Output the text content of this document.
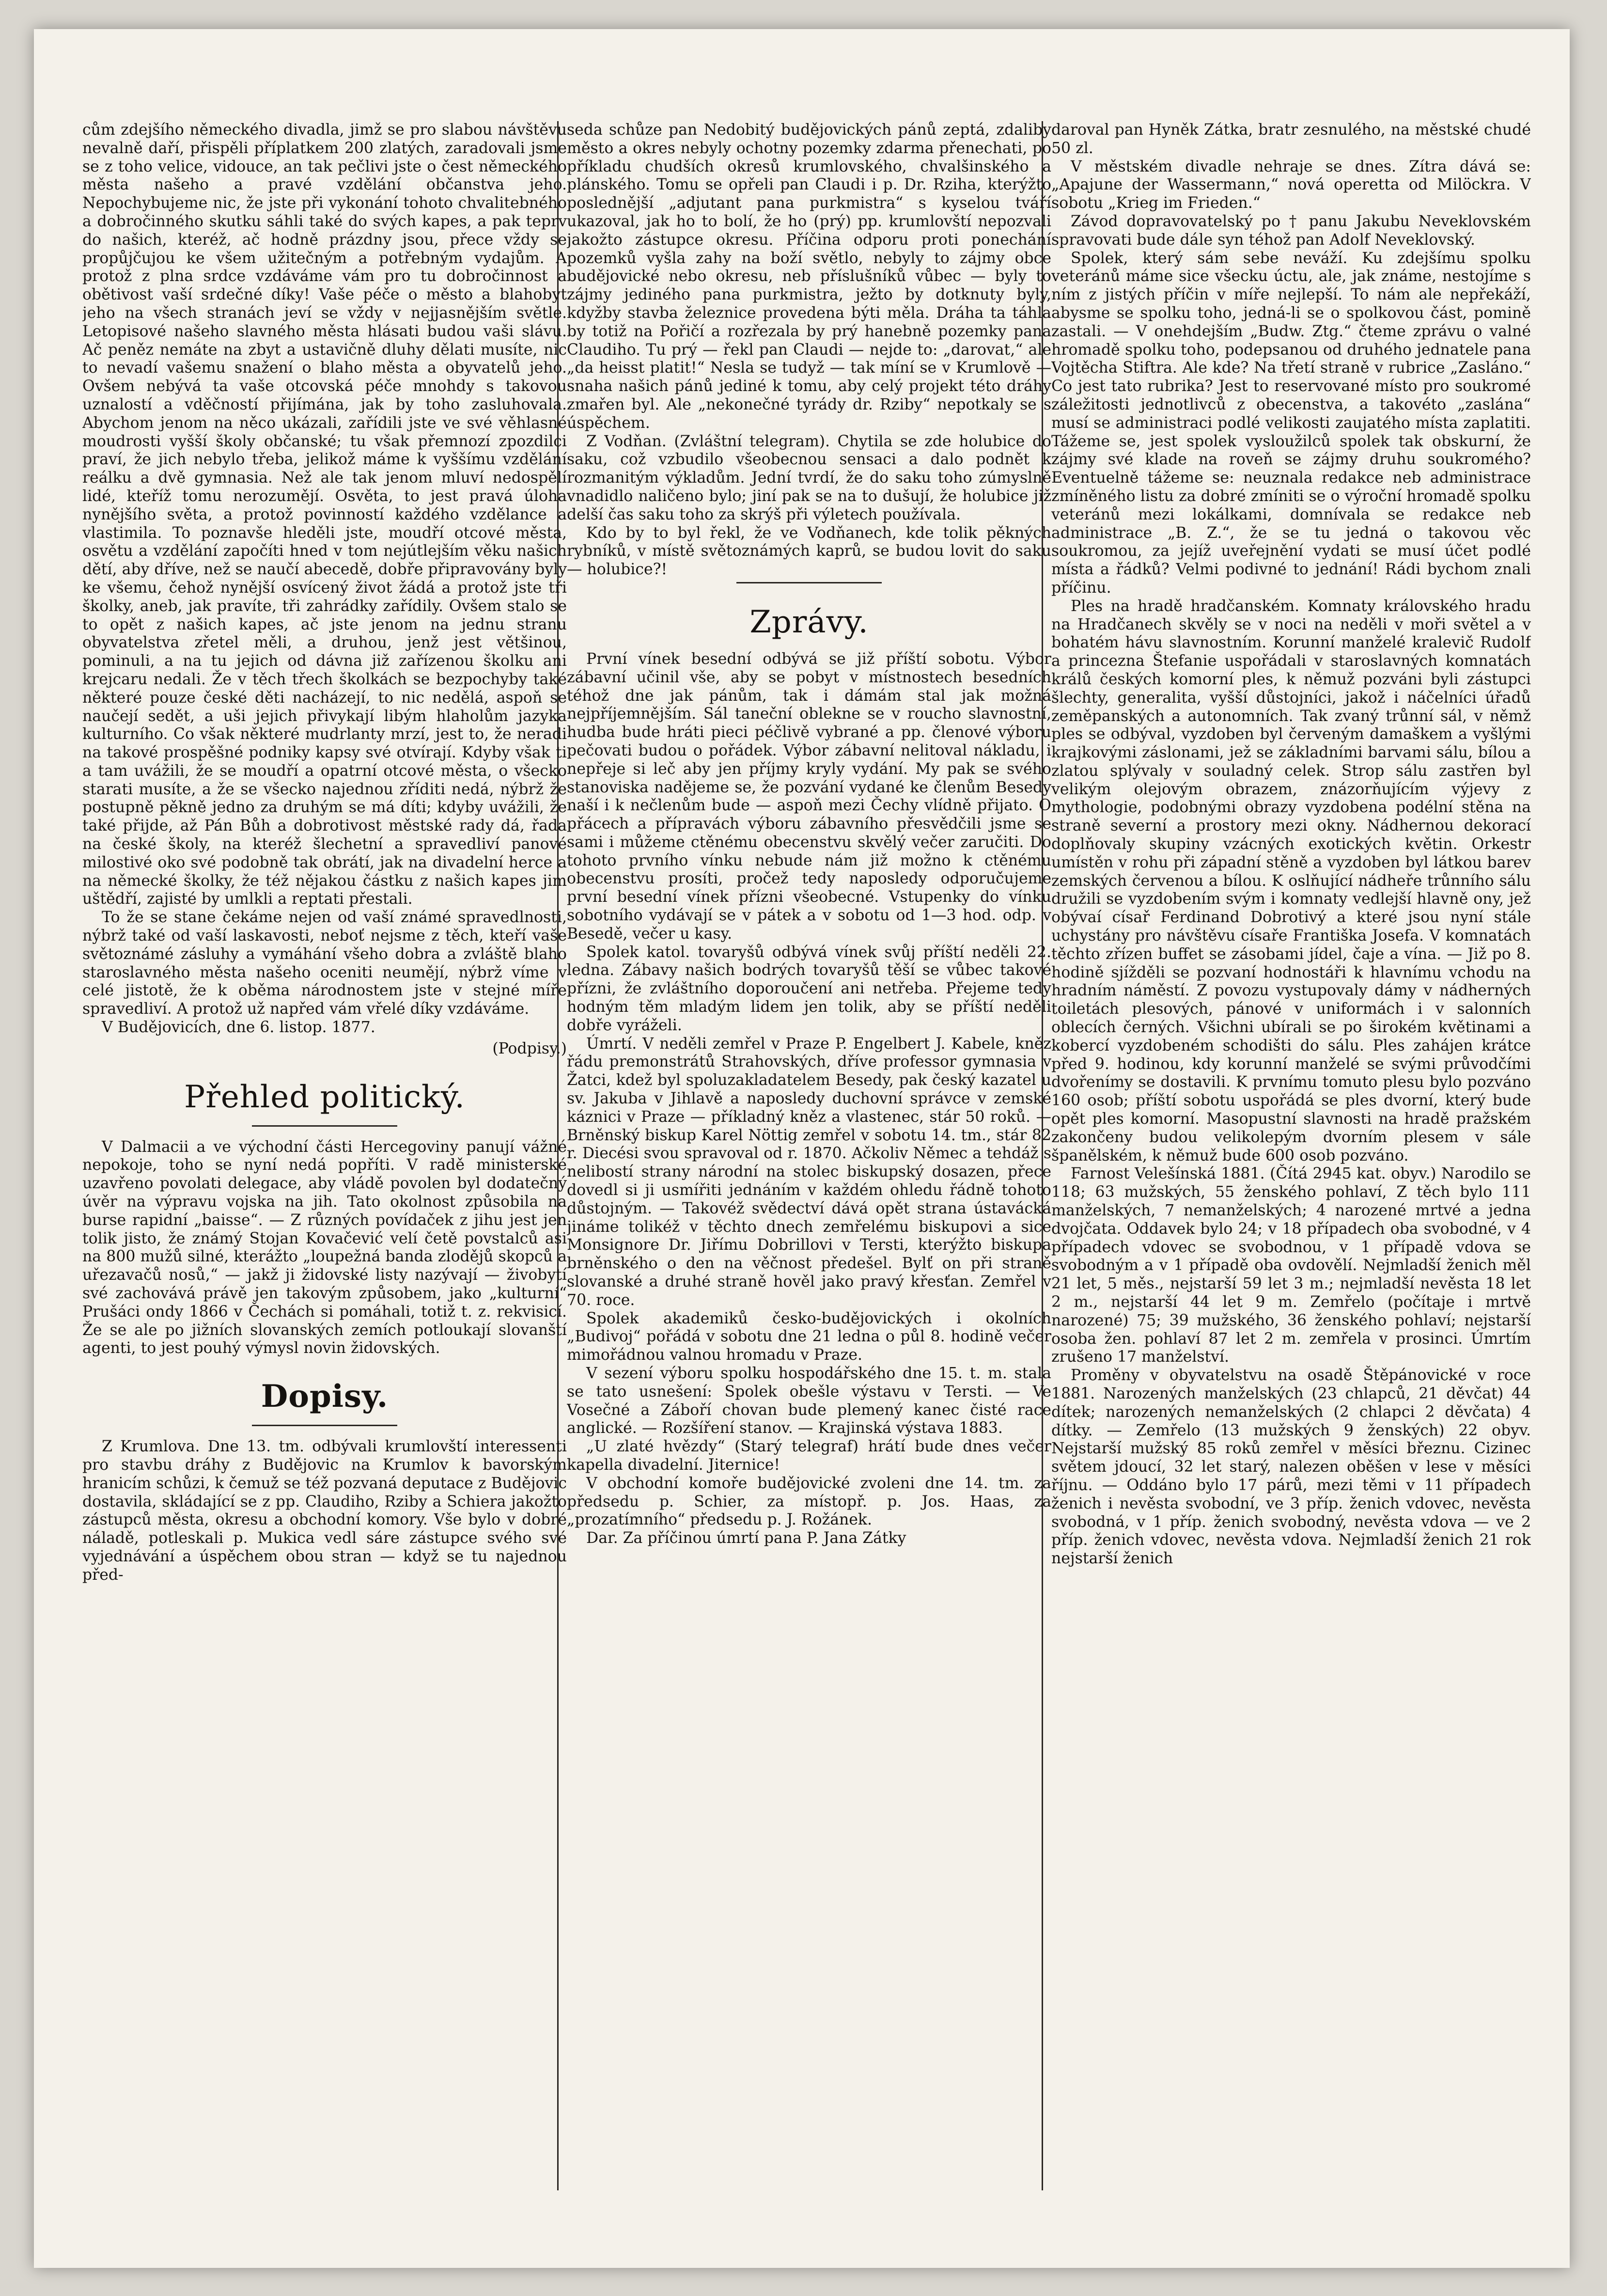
cům zdejšího německého divadla, jimž se pro slabou návštěvu nevalně daří, přispěli příplatkem 200 zlatých, zaradovali jsme se z toho velice, vidouce, an tak pečlivi jste o čest německého města našeho a pravé vzdělání občanstva jeho. Nepochybujeme nic, že jste při vykonání tohoto chvalitebného a dobročinného skutku sáhli také do svých kapes, a pak teprv do našich, kteréž, ač hodně prázdny jsou, přece vždy se propůjčujou ke všem užitečným a potřebným vydajům. A protož z plna srdce vzdáváme vám pro tu dobročinnost a obětivost vaší srdečné díky! Vaše péče o město a blahobyt jeho na všech stranách jeví se vždy v nejjasnějším světle. Letopisové našeho slavného města hlásati budou vaši slávu. Ač peněz nemáte na zbyt a ustavičně dluhy dělati musíte, nic to nevadí vašemu snažení o blaho města a obyvatelů jeho. Ovšem nebývá ta vaše otcovská péče mnohdy s takovou uznalostí a vděčností přijímána, jak by toho zasluhovala. Abychom jenom na něco ukázali, zařídili jste ve své věhlasné moudrosti vyšší školy občanské; tu však přemnozí zpozdilci praví, že jich nebylo třeba, jelikož máme k vyššímu vzdělání reálku a dvě gymnasia. Než ale tak jenom mluví nedospělí lidé, kteříž tomu nerozumějí. Osvěta, to jest pravá úloha nynějšího světa, a protož povinností každého vzdělance a vlastimila. To poznavše hleděli jste, moudří otcové města, osvětu a vzdělání započíti hned v tom nejútlejším věku našich dětí, aby dříve, než se naučí abecedě, dobře připravovány byly ke všemu, čehož nynější osvícený život žádá a protož jste tři školky, aneb, jak pravíte, tři zahrádky zařídily. Ovšem stalo se to opět z našich kapes, ač jste jenom na jednu stranu obyvatelstva zřetel měli, a druhou, jenž jest většinou, pominuli, a na tu jejich od dávna již zařízenou školku ani krejcaru nedali. Že v těch třech školkách se bezpochyby také některé pouze české děti nacházejí, to nic nedělá, aspoň se naučejí sedět, a uši jejich přivykají libým hlaholům jazyka kulturního. Co však některé mudrlanty mrzí, jest to, že neradi na takové prospěšné podniky kapsy své otvírají. Kdyby však ti a tam uvážili, že se moudří a opatrní otcové města, o všecko starati musíte, a že se všecko najednou zříditi nedá, nýbrž že postupně pěkně jedno za druhým se má díti; kdyby uvážili, že také přijde, až Pán Bůh a dobrotivost městské rady dá, řada na české školy, na kteréž šlechetní a spravedliví panové milostivé oko své podobně tak obrátí, jak na divadelní herce a na německé školky, že též nějakou částku z našich kapes jim uštědří, zajisté by umlkli a reptati přestali.

To že se stane čekáme nejen od vaší známé spravedlnosti, nýbrž také od vaší laskavosti, neboť nejsme z těch, kteří vaše světoznámé zásluhy a vymáhání všeho dobra a zvláště blaho staroslavného města našeho oceniti neumějí, nýbrž víme v celé jistotě, že k oběma národnostem jste v stejné míře spravedliví. A protož už napřed vám vřelé díky vzdáváme.

V Budějovicích, dne 6. listop. 1877.

(Podpisy.)
Přehled politický.

V Dalmacii a ve východní části Hercegoviny panují vážné nepokoje, toho se nyní nedá popříti. V radě ministerské uzavřeno povolati delegace, aby vládě povolen byl dodatečný úvěr na výpravu vojska na jih. Tato okolnost způsobila na burse rapidní „baisse“. — Z různých povídaček z jihu jest jen tolik jisto, že známý Stojan Kovačević velí četě povstalců asi na 800 mužů silné, kterážto „loupežná banda zlodějů skopců a uřezavačů nosů,“ — jakž ji židovské listy nazývají — živobytí své zachovává právě jen takovým způsobem, jako „kulturní“ Prušáci ondy 1866 v Čechách si pomáhali, totiž t. z. rekvisicí. Že se ale po jižních slovanských zemích potloukají slovanští agenti, to jest pouhý výmysl novin židovských.

Dopisy.

Z Krumlova. Dne 13. tm. odbývali krumlovští interessenti pro stavbu dráhy z Budějovic na Krumlov k bavorským hranicím schůzi, k čemuž se též pozvaná deputace z Budějovic dostavila, skládající se z pp. Claudiho, Rziby a Schiera jakožto zástupců města, okresu a obchodní komory. Vše bylo v dobré náladě, potleskali p. Mukica vedl sáre zástupce svého své vyjednávání a úspěchem obou stran — když se tu najednou před-

seda schůze pan Nedobitý budějovických pánů zeptá, zdaliby město a okres nebyly ochotny pozemky zdarma přenechati, po příkladu chudších okresů krumlovského, chvalšinského a plánského. Tomu se opřeli pan Claudi i p. Dr. Rziha, kterýžto poslednější „adjutant pana purkmistra“ s kyselou tváří ukazoval, jak ho to bolí, že ho (prý) pp. krumlovští nepozvali jakožto zástupce okresu. Příčina odporu proti ponechání pozemků vyšla zahy na boží světlo, nebyly to zájmy obce budějovické nebo okresu, neb příslušníků vůbec — byly to zájmy jediného pana purkmistra, ježto by dotknuty byly, kdyžby stavba železnice provedena býti měla. Dráha ta táhla by totiž na Pořičí a rozřezala by prý hanebně pozemky pana Claudiho. Tu prý — řekl pan Claudi — nejde to: „darovat,“ ale „da heisst platit!“ Nesla se tudyž — tak míní se v Krumlově — snaha našich pánů jediné k tomu, aby celý projekt této dráhy zmařen byl. Ale „nekonečné tyrády dr. Rziby“ nepotkaly se s úspěchem.

Z Vodňan. (Zvláštní telegram). Chytila se zde holubice do saku, což vzbudilo všeobecnou sensaci a dalo podnět k rozmanitým výkladům. Jední tvrdí, že do saku toho zúmyslně vnadidlo naličeno bylo; jiní pak se na to dušují, že holubice již delší čas saku toho za skrýš při výletech používala.

Kdo by to byl řekl, že ve Vodňanech, kde tolik pěkných rybníků, v místě světoznámých kaprů, se budou lovit do saku — holubice?!

Zprávy.

První vínek besední odbývá se již příští sobotu. Výbor zábavní učinil vše, aby se pobyt v místnostech besedních téhož dne jak pánům, tak i dámám stal jak možná nejpříjemnějším. Sál taneční oblekne se v roucho slavnostní, hudba bude hráti pieci péčlivě vybrané a pp. členové výboru pečovati budou o pořádek. Výbor zábavní nelitoval nákladu, i nepřeje si leč aby jen příjmy kryly vydání. My pak se svého stanoviska nadějeme se, že pozvání vydané ke členům Besedy naší i k nečlenům bude — aspoň mezi Čechy vlídně přijato. O přácech a přípravách výboru zábavního přesvědčili jsme se sami i můžeme ctěnému obecenstvu skvělý večer zaručiti. Do tohoto prvního vínku nebude nám již možno k ctěnému obecenstvu prosíti, pročež tedy naposledy odporučujeme první besední vínek přízni všeobecné. Vstupenky do vínku sobotního vydávají se v pátek a v sobotu od 1—3 hod. odp. v Besedě, večer u kasy.

Spolek katol. tovaryšů odbývá vínek svůj příští neděli 22. ledna. Zábavy našich bodrých tovaryšů těší se vůbec takové přízni, že zvláštního doporoučení ani netřeba. Přejeme tedy hodným těm mladým lidem jen tolik, aby se příští neděli dobře vyráželi.

Úmrtí. V neděli zemřel v Praze P. Engelbert J. Kabele, kněz řádu premonstrátů Strahovských, dříve professor gymnasia v Žatci, kdež byl spoluzakladatelem Besedy, pak český kazatel u sv. Jakuba v Jihlavě a naposledy duchovní správce v zemské káznici v Praze — příkladný kněz a vlastenec, stár 50 roků. — Brněnský biskup Karel Nöttig zemřel v sobotu 14. tm., stár 82 r. Diecési svou spravoval od r. 1870. Ačkoliv Němec a tehdáž s nelibostí strany národní na stolec biskupský dosazen, přece dovedl si ji usmířiti jednáním v každém ohledu řádně tohoto důstojným. — Takovéž svědectví dává opět strana ústavácká jináme tolikéž v těchto dnech zemřelému biskupovi a sice Monsignore Dr. Jiřímu Dobrillovi v Tersti, kterýžto biskupa brněnského o den na věčnost předešel. Bylť on při straně slovanské a druhé straně hověl jako pravý křesťan. Zemřel v 70. roce.

Spolek akademiků česko-budějovických i okolních „Budivoj“ pořádá v sobotu dne 21 ledna o půl 8. hodině večer mimořádnou valnou hromadu v Praze.

V sezení výboru spolku hospodářského dne 15. t. m. stala se tato usnešení: Spolek obešle výstavu v Tersti. — Ve Vosečné a Záboří chovan bude plemený kanec čisté race anglické. — Rozšíření stanov. — Krajinská výstava 1883.

„U zlaté hvězdy“ (Starý telegraf) hrátí bude dnes večer kapella divadelní. Jiternice!

V obchodní komoře budějovické zvoleni dne 14. tm. za předsedu p. Schier, za místopř. p. Jos. Haas, za „prozatímního“ předsedu p. J. Rožánek.

Dar. Za příčinou úmrtí pana P. Jana Zátky

daroval pan Hyněk Zátka, bratr zesnulého, na městské chudé 50 zl.

V městském divadle nehraje se dnes. Zítra dává se: „Apajune der Wassermann,“ nová operetta od Milöckra. V sobotu „Krieg im Frieden.“

Závod dopravovatelský po † panu Jakubu Neveklovském spravovati bude dále syn téhož pan Adolf Neveklovský.

Spolek, který sám sebe neváží. Ku zdejšímu spolku veteránů máme sice všecku úctu, ale, jak známe, nestojíme s ním z jistých příčin v míře nejlepší. To nám ale nepřekáží, abysme se spolku toho, jedná-li se o spolkovou část, pomině zastali. — V onehdejším „Budw. Ztg.“ čteme zprávu o valné hromadě spolku toho, podepsanou od druhého jednatele pana Vojtěcha Stiftra. Ale kde? Na třetí straně v rubrice „Zasláno.“ Co jest tato rubrika? Jest to reservované místo pro soukromé záležitosti jednotlivců z obecenstva, a takovéto „zaslána“ musí se administraci podlé velikosti zaujatého místa zaplatiti. Tážeme se, jest spolek vysloužilců spolek tak obskurní, že zájmy své klade na roveň se zájmy druhu soukromého? Eventuelně tážeme se: neuznala redakce neb administrace zmíněného listu za dobré zmíniti se o výroční hromadě spolku veteránů mezi lokálkami, domnívala se redakce neb administrace „B. Z.“, že se tu jedná o takovou věc soukromou, za jejíž uveřejnění vydati se musí účet podlé místa a řádků? Velmi podivné to jednání! Rádi bychom znali příčinu.

Ples na hradě hradčanském. Komnaty královského hradu na Hradčanech skvěly se v noci na neděli v moři světel a v bohatém hávu slavnostním. Korunní manželé kralevič Rudolf a princezna Štefanie uspořádali v staroslavných komnatách králů českých komorní ples, k němuž pozváni byli zástupci šlechty, generalita, vyšší důstojníci, jakož i náčelníci úřadů zeměpanských a autonomních. Tak zvaný trůnní sál, v němž ples se odbýval, vyzdoben byl červeným damaškem a vyšlými krajkovými záslonami, jež se základními barvami sálu, bílou a zlatou splývaly v souladný celek. Strop sálu zastřen byl velikým olejovým obrazem, znázorňujícím výjevy z mythologie, podobnými obrazy vyzdobena podélní stěna na straně severní a prostory mezi okny. Nádhernou dekorací doplňovaly skupiny vzácných exotických květin. Orkestr umístěn v rohu při západní stěně a vyzdoben byl látkou barev zemských červenou a bílou. K oslňující nádheře trůnního sálu družili se vyzdobením svým i komnaty vedlejší hlavně ony, jež obývaí císař Ferdinand Dobrotivý a které jsou nyní stále uchystány pro návštěvu císaře Františka Josefa. V komnatách těchto zřízen buffet se zásobami jídel, čaje a vína. — Již po 8. hodině sjížděli se pozvaní hodnostáři k hlavnímu vchodu na hradním náměstí. Z povozu vystupovaly dámy v nádherných toiletách plesových, pánové v uniformách i v salonních oblecích černých. Všichni ubírali se po širokém květinami a kobercí vyzdobeném schodišti do sálu. Ples zahájen krátce před 9. hodinou, kdy korunní manželé se svými průvodčími dvořenímy se dostavili. K prvnímu tomuto plesu bylo pozváno 160 osob; příští sobotu uspořádá se ples dvorní, který bude opět ples komorní. Masopustní slavnosti na hradě pražském zakončeny budou velikolepým dvorním plesem v sále španělském, k němuž bude 600 osob pozváno.

Farnost Velešínská 1881. (Čítá 2945 kat. obyv.) Narodilo se 118; 63 mužských, 55 ženského pohlaví, Z těch bylo 111 manželských, 7 nemanželských; 4 narozené mrtvé a jedna dvojčata. Oddavek bylo 24; v 18 případech oba svobodné, v 4 případech vdovec se svobodnou, v 1 případě vdova se svobodným a v 1 případě oba ovdovělí. Nejmladší ženich měl 21 let, 5 měs., nejstarší 59 let 3 m.; nejmladší nevěsta 18 let 2 m., nejstarší 44 let 9 m. Zemřelo (počítaje i mrtvě narozené) 75; 39 mužského, 36 ženského pohlaví; nejstarší osoba žen. pohlaví 87 let 2 m. zemřela v prosinci. Úmrtím zrušeno 17 manželství.

Proměny v obyvatelstvu na osadě Štěpánovické v roce 1881. Narozených manželských (23 chlapců, 21 děvčat) 44 dítek; narozených nemanželských (2 chlapci 2 děvčata) 4 dítky. — Zemřelo (13 mužských 9 ženských) 22 obyv. Nejstarší mužský 85 roků zemřel v měsíci březnu. Cizinec světem jdoucí, 32 let starý, nalezen oběšen v lese v měsíci říjnu. — Oddáno bylo 17 párů, mezi těmi v 11 případech ženich i nevěsta svobodní, ve 3 příp. ženich vdovec, nevěsta svobodná, v 1 příp. ženich svobodný, nevěsta vdova — ve 2 příp. ženich vdovec, nevěsta vdova. Nejmladší ženich 21 rok nejstarší ženich
